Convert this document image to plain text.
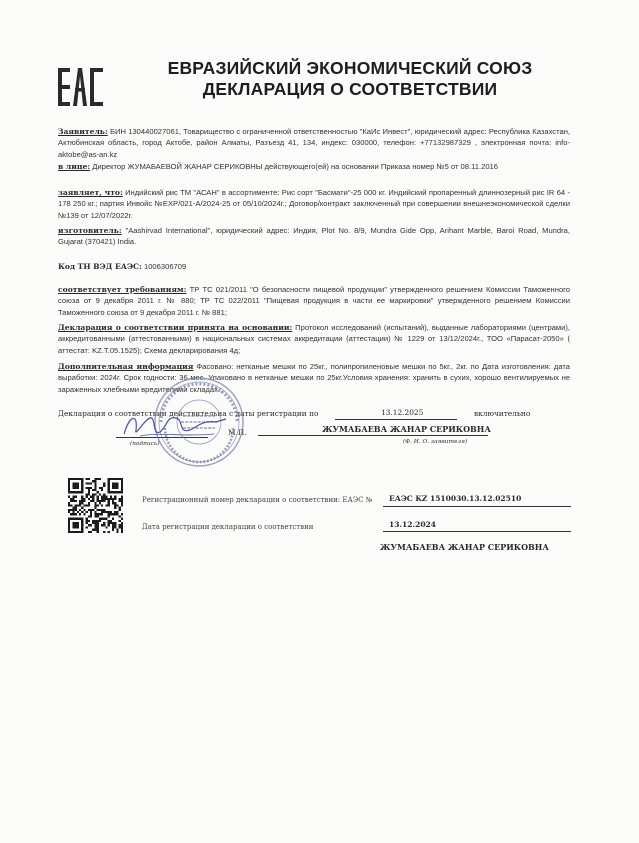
ЕВРАЗИЙСКИЙ ЭКОНОМИЧЕСКИЙ СОЮЗ
ДЕКЛАРАЦИЯ О СООТВЕТСТВИИ
Заявитель: БИН 130440027061, Товарищество с ограниченной ответственностью "КаИс Инвест", юридический адрес: Республика Казахстан, Актюбинская область, город Актобе, район Алматы, Разъезд 41, 134, индекс: 030000, телефон: +77132987329 , электронная почта: info-aktobe@as-an.kz
в лице: Директор ЖУМАБАЕВОЙ ЖАНАР СЕРИКОВНЫ действующего(ей) на основании Приказа номер №5 от 08.11.2016
заявляет, что: Индийский рис ТМ "АСАН" в ассортименте: Рис сорт "Басмати"-25 000 кг. Индийский пропаренный длиннозерный рис IR 64 - 178 250 кг.; партия Инвойс №EXP/021-A/2024-25 от 05/10/2024г.; Договор/контракт заключенный при совершении внешнеэкономической сделки №139 от 12/07/2022г.
изготовитель: "Aashirvad International", юридический адрес: Индия, Plot No. 8/9, Mundra Gide Opp, Arihant Marble, Baroi Road, Mundra, Gujarat (370421) India.
Код ТН ВЭД ЕАЭС: 1006306709
соответствует требованиям: ТР ТС 021/2011 "О безопасности пищевой продукции" утвержденного решением Комиссии Таможенного союза от 9 декабря 2011 г. № 880; ТР ТС 022/2011 "Пищевая продукция в части ее маркировки" утвержденного решением Комиссии Таможенного союза от 9 декабря 2011 г. № 881;
Декларация о соответствии принята на основании: Протокол исследований (испытаний), выданные лабораториями (центрами), аккредитованными (аттестованными) в национальных системах аккредитации (аттестации) № 1229 от 13/12/2024г., ТОО «Парасат-2050» ( аттестат: KZ.T.05.1525); Схема декларирования 4д;
Дополнительная информация Фасовано: нетканые мешки по 25кг., полипропиленовые мешки по 5кг., 2кг. по Дата изготовления: дата выработки: 2024г. Срок годности: 36 мес. Упаковано в нетканые мешки по 25кг.Условия хранения: хранить в сухих, хорошо вентилируемых не зараженных хлебными вредителями складах.;
Декларация о соответствии действительна с даты регистрации по	13.12.2025	включительно
(подпись)
М.П.	ЖУМАБАЕВА ЖАНАР СЕРИКОВНА
(Ф. И. О. заявителя)
Регистрационный номер декларации о соответствии: ЕАЭС № ЕАЭС KZ 1510030.13.12.02510
Дата регистрации декларации о соответствии	13.12.2024
ЖУМАБАЕВА ЖАНАР СЕРИКОВНА
